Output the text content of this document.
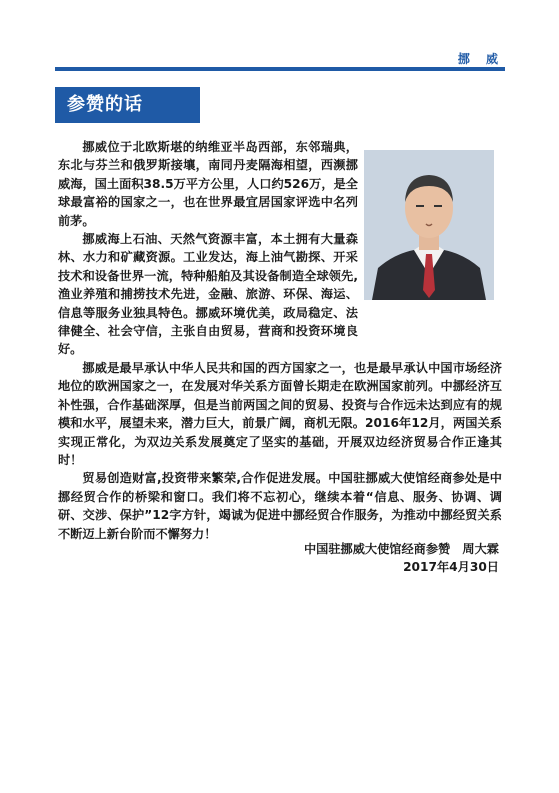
挪 威
参赞的话

挪威位于北欧斯堪的纳维亚半岛西部，东邻瑞典，东北与芬兰和俄罗斯接壤，南同丹麦隔海相望，西濒挪威海，国土面积38.5万平方公里，人口约526万，是全球最富裕的国家之一，也在世界最宜居国家评选中名列前茅。

挪威海上石油、天然气资源丰富，本土拥有大量森林、水力和矿藏资源。工业发达，海上油气勘探、开采技术和设备世界一流，特种船舶及其设备制造全球领先,渔业养殖和捕捞技术先进，金融、旅游、环保、海运、信息等服务业独具特色。挪威环境优美，政局稳定、法律健全、社会守信，主张自由贸易，营商和投资环境良好。

挪威是最早承认中华人民共和国的西方国家之一，也是最早承认中国市场经济地位的欧洲国家之一，在发展对华关系方面曾长期走在欧洲国家前列。中挪经济互补性强，合作基础深厚，但是当前两国之间的贸易、投资与合作远未达到应有的规模和水平，展望未来，潜力巨大，前景广阔，商机无限。2016年12月，两国关系实现正常化，为双边关系发展奠定了坚实的基础，开展双边经济贸易合作正逢其时！

贸易创造财富,投资带来繁荣,合作促进发展。中国驻挪威大使馆经商参处是中挪经贸合作的桥梁和窗口。我们将不忘初心，继续本着“信息、服务、协调、调研、交涉、保护”12字方针，竭诚为促进中挪经贸合作服务，为推动中挪经贸关系不断迈上新台阶而不懈努力！

中国驻挪威大使馆经商参赞　周大霖
2017年4月30日
